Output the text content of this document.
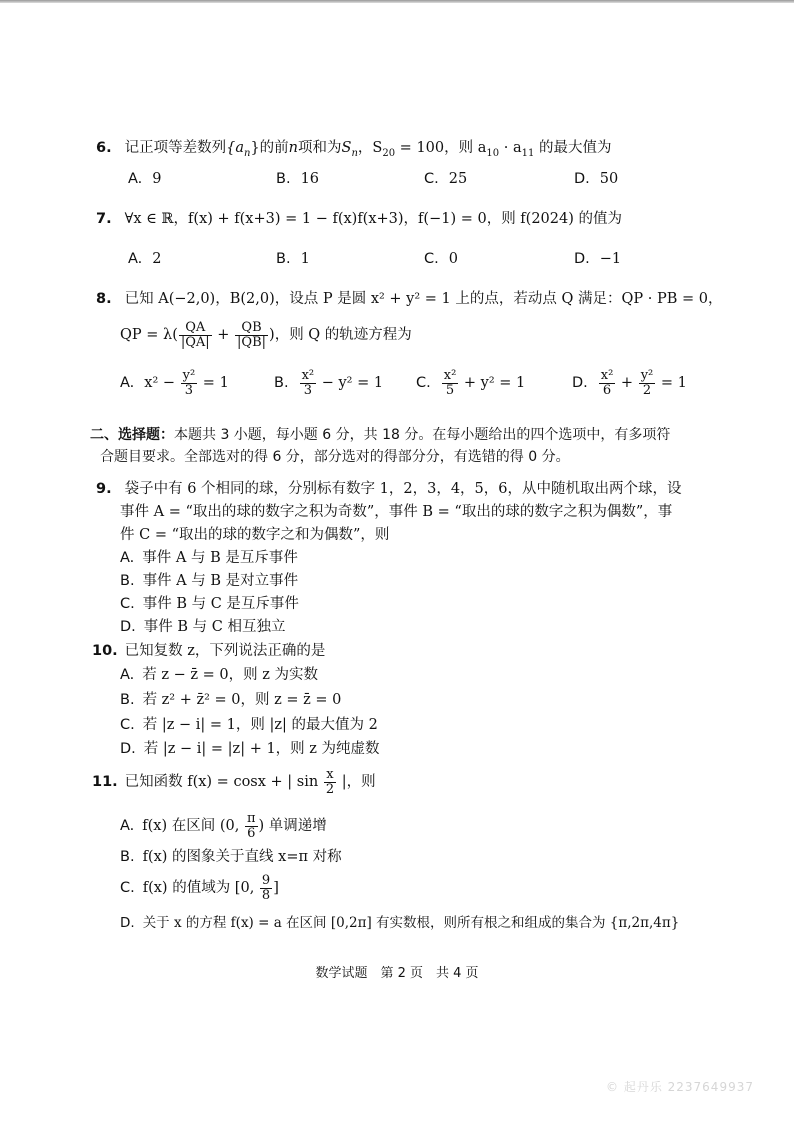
6. 记正项等差数列$\{a_n\}$的前n项和为$S_n$，$S_{20} = 100$，则 $a_{10} \cdot a_{11}$ 的最大值为
A. 9	B. 16	C. 25	D. 50
7. ∀x ∈ ℝ，f(x) + f(x+3) = 1 − f(x)f(x+3)，f(−1) = 0，则 f(2024) 的值为
A. 2	B. 1	C. 0	D. −1
8. 已知 A(−2,0)，B(2,0)，设点 P 是圆 x² + y² = 1 上的点，若动点 Q 满足：QP · PB = 0，
QP = $\lambda( \frac{QA}{|QA|} + \frac{QB}{|QB|}$ )，则 Q 的轨迹方程为
A. $x^2 - \frac{\text{y²}}{3} = 1$	B. $\frac{\text{x²}}{3} - y^2 = 1$ C. $\frac{\text{x²}}{5} + y^2 = 1$	D. $\frac{\text{x²}}{6} + \frac{\text{y²}}{2} = 1$
二、选择题：本题共 3 小题，每小题 6 分，共 18 分。在每小题给出的四个选项中，有多项符
合题目要求。全部选对的得 6 分，部分选对的得部分分，有选错的得 0 分。
9. 袋子中有 6 个相同的球，分别标有数字 1，2，3，4，5，6，从中随机取出两个球，设
事件 A = “取出的球的数字之积为奇数”，事件 B = “取出的球的数字之积为偶数”，事
件 C = “取出的球的数字之和为偶数”，则
A. 事件 A 与 B 是互斥事件
B. 事件 A 与 B 是对立事件
C. 事件 B 与 C 是互斥事件
D. 事件 B 与 C 相互独立
10. 已知复数 z，下列说法正确的是
A. 若 z − z̄ = 0，则 z 为实数
B. 若 z² + z̄² = 0，则 z = z̄ = 0
C. 若 |z − i| = 1，则 |z| 的最大值为 2
D. 若 |z − i| = |z| + 1，则 z 为纯虚数
11. 已知函数 f(x) = cosx + | $\sin \frac{x}{2}$ |，则
A. f(x) 在区间 (0, $\frac{\pi}{6}$ ) 单调递增
B. f(x) 的图象关于直线 x=π 对称
C. f(x) 的值域为 [0, $\frac{9}{8}$ ]
D. 关于 x 的方程 f(x) = a 在区间 [0,2π] 有实数根，则所有根之和组成的集合为 {π,2π,4π}
数学试题　第 2 页　共 4 页
© 起丹乐 2237649937
